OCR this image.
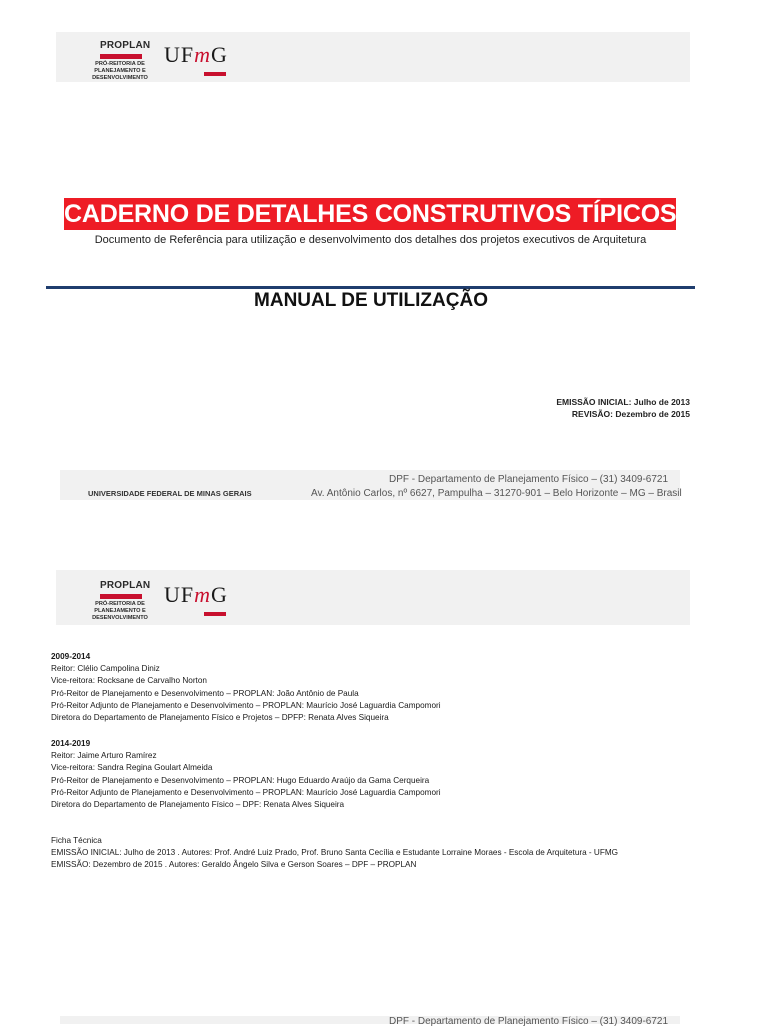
PROPLAN
PRÓ-REITORIA DE PLANEJAMENTO E DESENVOLVIMENTO
UFmG
CADERNO DE DETALHES CONSTRUTIVOS TÍPICOS
Documento de Referência para utilização e desenvolvimento dos detalhes dos projetos executivos de Arquitetura
MANUAL DE UTILIZAÇÃO
EMISSÃO INICIAL: Julho de 2013
REVISÃO: Dezembro de 2015
UNIVERSIDADE FEDERAL DE MINAS GERAIS
DPF - Departamento de Planejamento Físico – (31) 3409-6721
Av. Antônio Carlos, nº 6627, Pampulha – 31270-901 – Belo Horizonte – MG – Brasil
PROPLAN
PRÓ-REITORIA DE PLANEJAMENTO E DESENVOLVIMENTO
UFmG
2009-2014
Reitor: Clélio Campolina Diniz
Vice-reitora: Rocksane de Carvalho Norton
Pró-Reitor de Planejamento e Desenvolvimento – PROPLAN: João Antônio de Paula
Pró-Reitor Adjunto de Planejamento e Desenvolvimento – PROPLAN: Maurício José Laguardia Campomori
Diretora do Departamento de Planejamento Físico e Projetos – DPFP: Renata Alves Siqueira
2014-2019
Reitor: Jaime Arturo Ramírez
Vice-reitora: Sandra Regina Goulart Almeida
Pró-Reitor de Planejamento e Desenvolvimento – PROPLAN: Hugo Eduardo Araújo da Gama Cerqueira
Pró-Reitor Adjunto de Planejamento e Desenvolvimento – PROPLAN: Maurício José Laguardia Campomori
Diretora do Departamento de Planejamento Físico – DPF: Renata Alves Siqueira
Ficha Técnica
EMISSÃO INICIAL: Julho de 2013 . Autores: Prof. André Luiz Prado, Prof. Bruno Santa Cecília e Estudante Lorraine Moraes - Escola de Arquitetura - UFMG
EMISSÃO: Dezembro de 2015 . Autores: Geraldo Ângelo Silva e Gerson Soares – DPF – PROPLAN
DPF - Departamento de Planejamento Físico – (31) 3409-6721
